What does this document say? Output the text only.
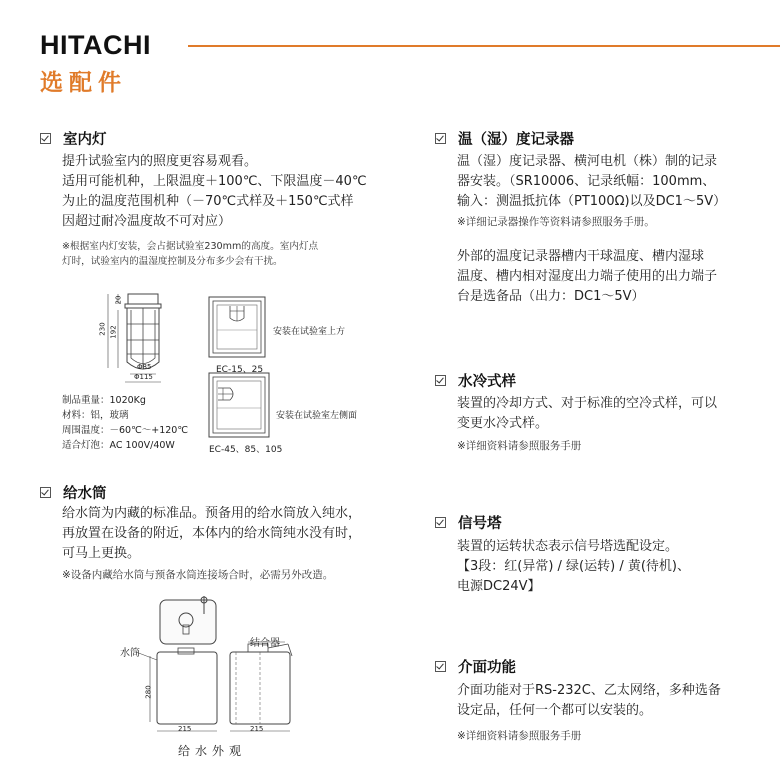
HITACHI
选配件
室内灯

提升试验室内的照度更容易观看。

适用可能机种，上限温度＋100℃、下限温度－40℃

为止的温度范围机种（－70℃式样及＋150℃式样

因超过耐冷温度故不可对应）

※根据室内灯安装，会占据试验室230mm的高度。室内灯点

灯时，试验室内的温湿度控制及分布多少会有干扰。

20
230 192
Φ85
Φ115
安装在试验室上方
EC-15、25
安装在试验室左侧面
EC-45、85、105
制品重量：1020Kg
材料：铝，玻璃
周围温度：－60℃～+120℃
适合灯泡：AC 100V/40W
给水筒

给水筒为内藏的标准品。预备用的给水筒放入纯水，

再放置在设备的附近，本体内的给水筒纯水没有时，

可马上更换。

※设备内藏给水筒与预备水筒连接场合时，必需另外改造。

水筒
结合器
280
215	215
给水外观
温（湿）度记录器

温（湿）度记录器、横河电机（株）制的记录

器安装。（SR10006、记录纸幅：100mm、

输入：测温抵抗体（PT100Ω)以及DC1～5V）

※详细记录器操作等资料请参照服务手册。

外部的温度记录器槽内干球温度、槽内湿球

温度、槽内相对湿度出力端子使用的出力端子

台是选备品（出力：DC1～5V）

水冷式样

装置的冷却方式、对于标准的空冷式样，可以

变更水冷式样。

※详细资料请参照服务手册

信号塔

装置的运转状态表示信号塔选配设定。

【3段：红(异常) / 绿(运转) / 黄(待机)、

电源DC24V】

介面功能

介面功能对于RS-232C、乙太网络，多种选备

设定品，任何一个都可以安装的。

※详细资料请参照服务手册
